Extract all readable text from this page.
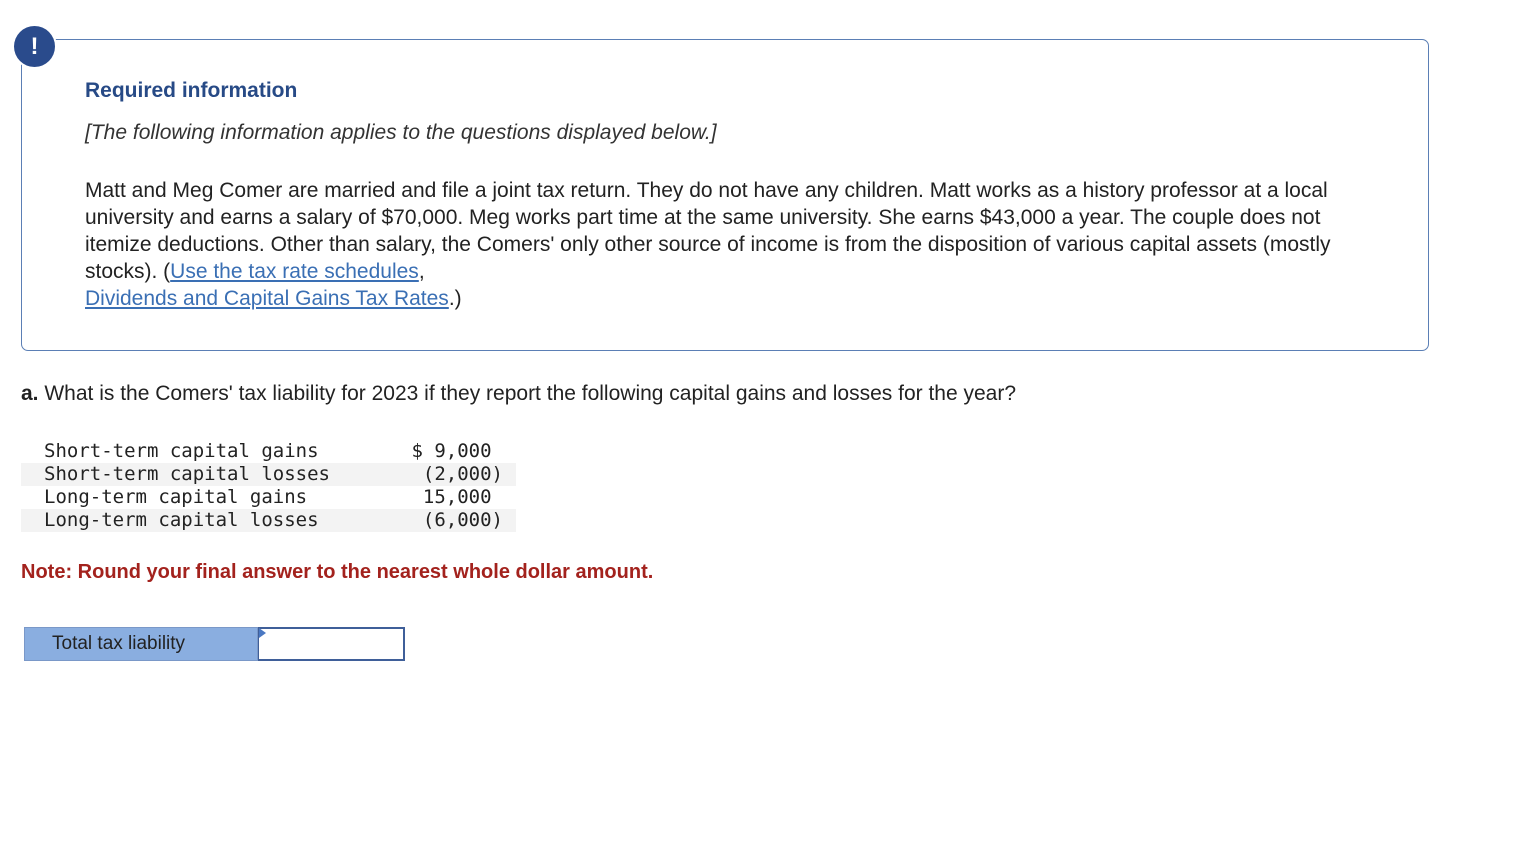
!
Required information
[The following information applies to the questions displayed below.]
Matt and Meg Comer are married and file a joint tax return. They do not have any children. Matt works as a history professor at a local university and earns a salary of $70,000. Meg works part time at the same university. She earns $43,000 a year. The couple does not itemize deductions. Other than salary, the Comers' only other source of income is from the disposition of various capital assets (mostly stocks). (Use the tax rate schedules,
Dividends and Capital Gains Tax Rates.)
a. What is the Comers' tax liability for 2023 if they report the following capital gains and losses for the year?
Short-term capital gains	$ 9,000
Short-term capital losses	(2,000)
Long-term capital gains	15,000
Long-term capital losses	(6,000)
Note: Round your final answer to the nearest whole dollar amount.
Total tax liability
